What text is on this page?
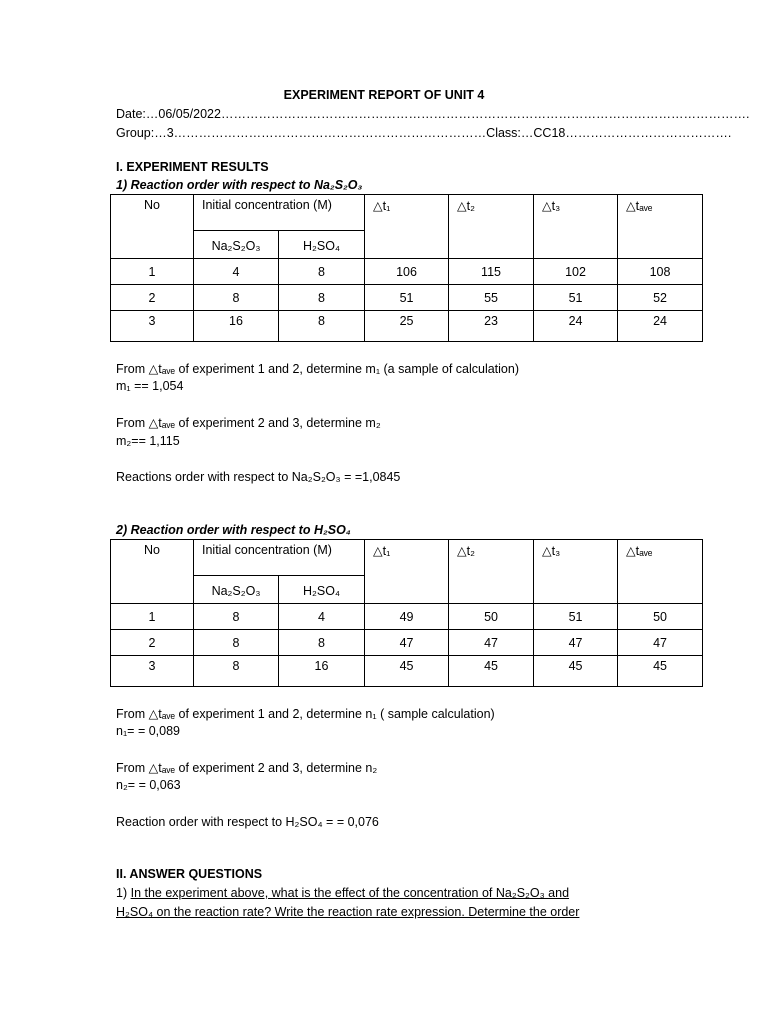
EXPERIMENT REPORT OF UNIT 4
Date:…06/05/2022……………………………………………………………………………………………………………….
Group:…3…………………………………………………………………Class:…CC18………………………………….
I. EXPERIMENT RESULTS
1) Reaction order with respect to Na₂S₂O₃
No	Initial concentration (M)		△t₁	△t₂	△t₃	△tₐᵥₑ
	Na₂S₂O₃	H₂SO₄				
1	4	8	106	115	102	108
2	8	8	51	55	51	52
3	16	8	25	23	24	24
From △tₐᵥₑ of experiment 1 and 2, determine m₁ (a sample of calculation)
m₁ == 1,054
From △tₐᵥₑ of experiment 2 and 3, determine m₂
m₂== 1,115
Reactions order with respect to Na₂S₂O₃ = =1,0845
2) Reaction order with respect to H₂SO₄
No	Initial concentration (M)		△t₁	△t₂	△t₃	△tₐᵥₑ
	Na₂S₂O₃	H₂SO₄				
1	8	4	49	50	51	50
2	8	8	47	47	47	47
3	8	16	45	45	45	45
From △tₐᵥₑ of experiment 1 and 2, determine n₁ ( sample calculation)
n₁= = 0,089
From △tₐᵥₑ of experiment 2 and 3, determine n₂
n₂= = 0,063
Reaction order with respect to H₂SO₄ = = 0,076
II. ANSWER QUESTIONS
1) In the experiment above, what is the effect of the concentration of Na₂S₂O₃ and
H₂SO₄ on the reaction rate? Write the reaction rate expression. Determine the order
